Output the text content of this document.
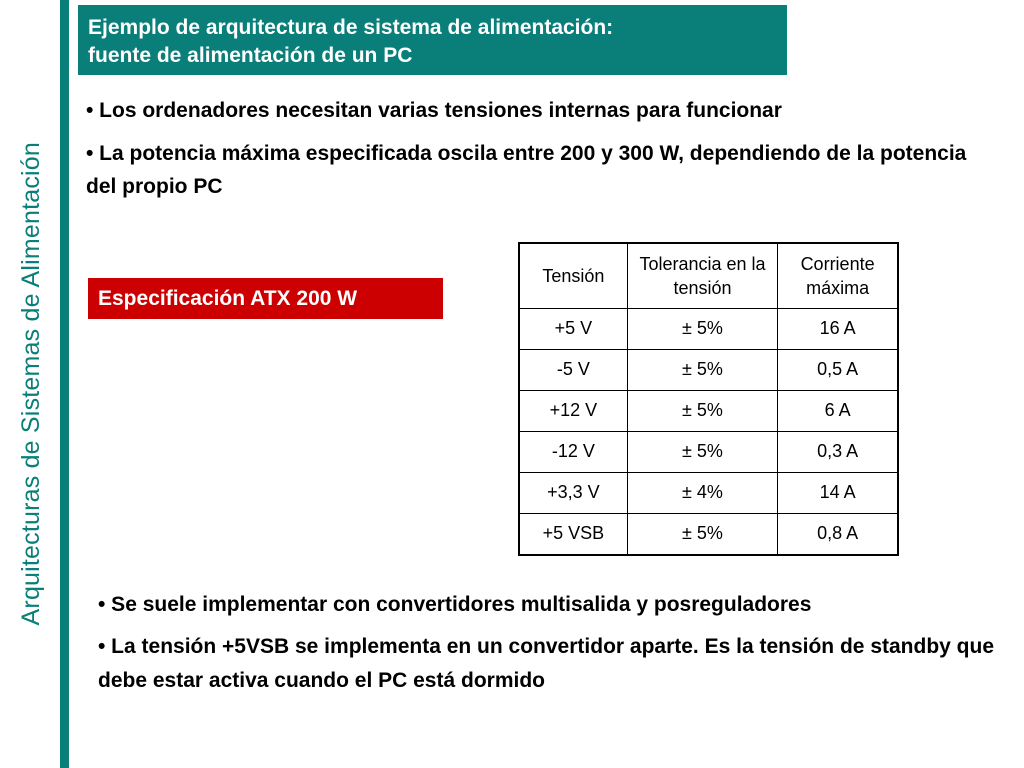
Arquitecturas de Sistemas de Alimentación
Ejemplo de arquitectura de sistema de alimentación:
fuente de alimentación de un PC

• Los ordenadores necesitan varias tensiones internas para funcionar

• La potencia máxima especificada oscila entre 200 y 300 W, dependiendo de la potencia del propio PC

Especificación ATX 200 W
Tensión	Tolerancia en la tensión	Corriente máxima
+5 V	± 5%	16 A
-5 V	± 5%	0,5 A
+12 V	± 5%	6 A
-12 V	± 5%	0,3 A
+3,3 V	± 4%	14 A
+5 VSB	± 5%	0,8 A

• Se suele implementar con convertidores multisalida y posreguladores

• La tensión +5VSB se implementa en un convertidor aparte. Es la tensión de standby que debe estar activa cuando el PC está dormido
